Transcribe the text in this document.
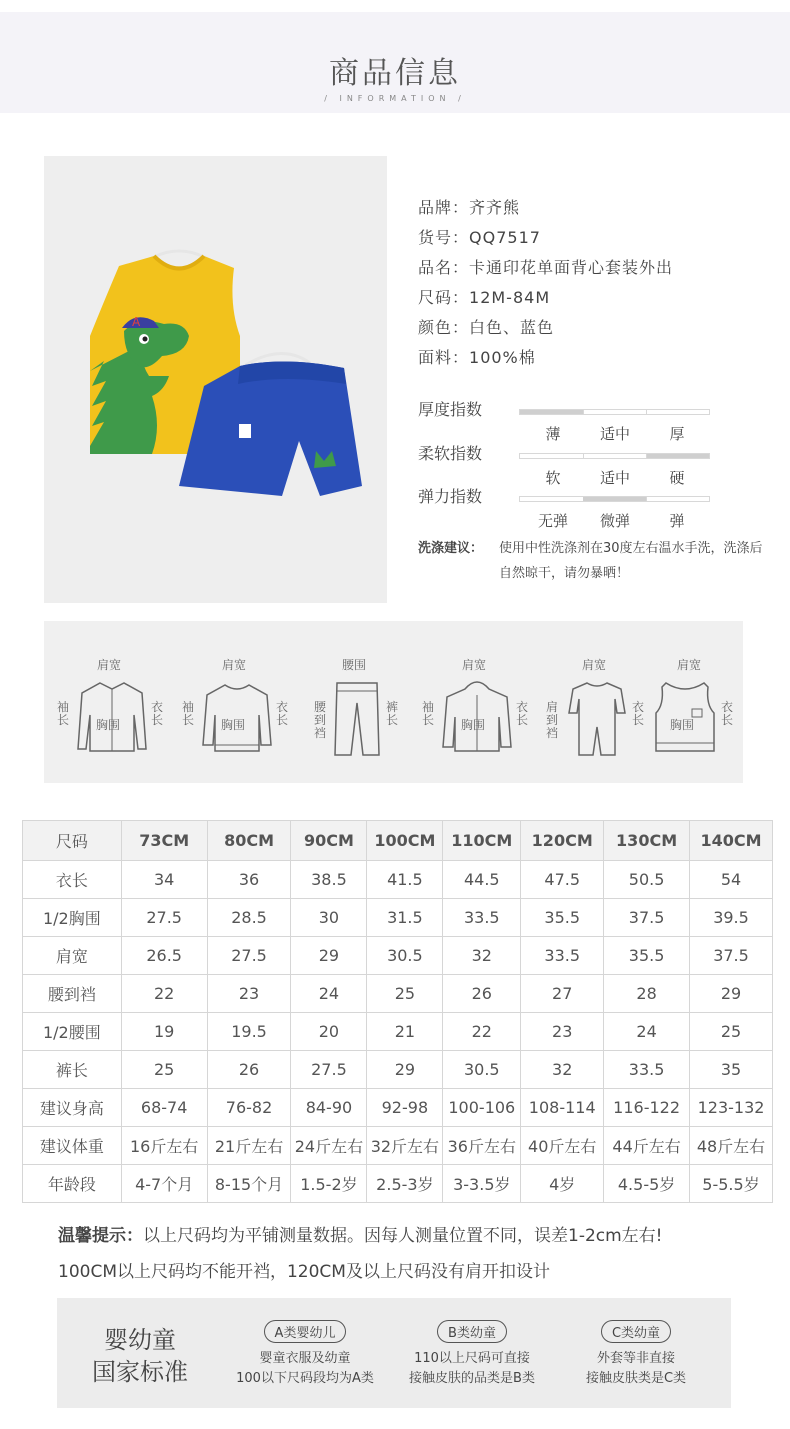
商品信息
/ INFORMATION /
A
品牌：齐齐熊
货号：QQ7517
品名：卡通印花单面背心套装外出
尺码：12M-84M
颜色：白色、蓝色
面料：100%棉
厚度指数
薄	适中	厚
柔软指数
软	适中	硬
弹力指数
无弹	微弹	弹
洗涤建议： 使用中性洗涤剂在30度左右温水手洗，洗涤后自然晾干，请勿暴晒！
肩宽
袖长
衣长
胸围
肩宽
袖长
衣长
胸围
腰围
腰到裆
裤长
肩宽
袖长
衣长
胸围
肩宽
肩到裆
衣长
肩宽
衣长
胸围
尺码	73CM	80CM	90CM	100CM	110CM	120CM	130CM	140CM
衣长	34	36	38.5	41.5	44.5	47.5	50.5	54
1/2胸围	27.5	28.5	30	31.5	33.5	35.5	37.5	39.5
肩宽	26.5	27.5	29	30.5	32	33.5	35.5	37.5
腰到裆	22	23	24	25	26	27	28	29
1/2腰围	19	19.5	20	21	22	23	24	25
裤长	25	26	27.5	29	30.5	32	33.5	35
建议身高	68-74	76-82	84-90	92-98	100-106	108-114	116-122	123-132
建议体重	16斤左右	21斤左右	24斤左右	32斤左右	36斤左右	40斤左右	44斤左右	48斤左右
年龄段	4-7个月	8-15个月	1.5-2岁	2.5-3岁	3-3.5岁	4岁	4.5-5岁	5-5.5岁
温馨提示：以上尺码均为平铺测量数据。因每人测量位置不同，误差1-2cm左右!
100CM以上尺码均不能开裆，120CM及以上尺码没有肩开扣设计
婴幼童
国家标准
A类婴幼儿
婴童衣服及幼童
100以下尺码段均为A类
B类幼童
110以上尺码可直接
接触皮肤的品类是B类
C类幼童
外套等非直接
接触皮肤类是C类
